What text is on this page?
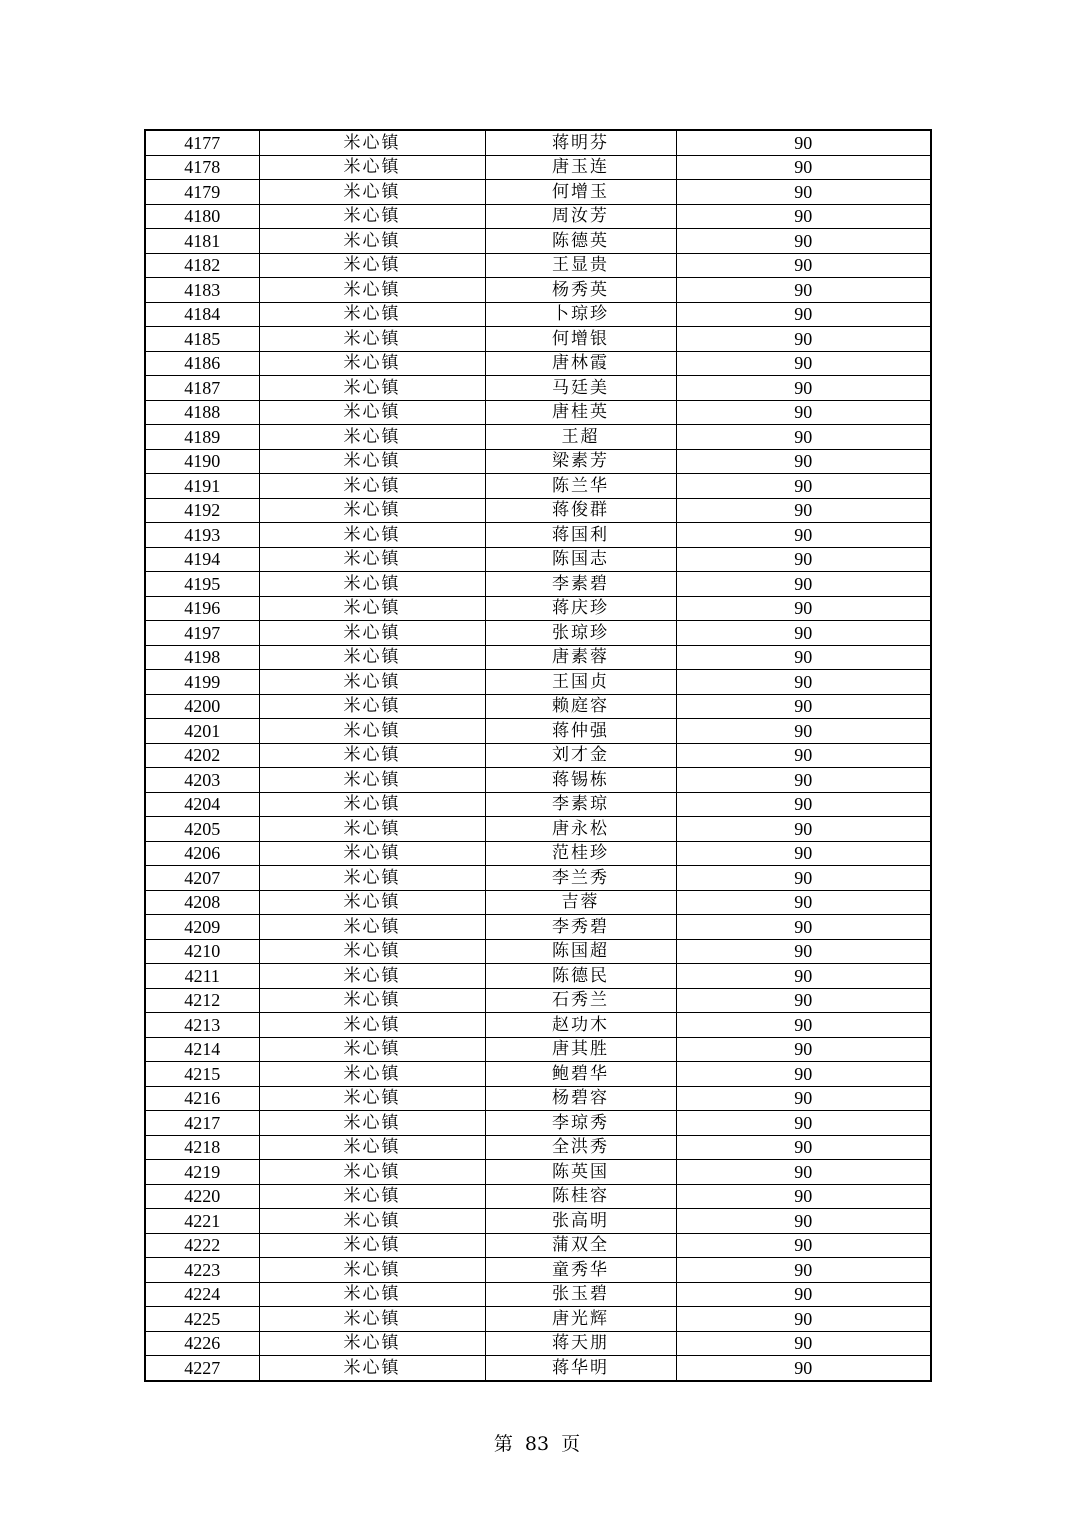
4177	米心镇	蒋明芬	90
4178	米心镇	唐玉连	90
4179	米心镇	何增玉	90
4180	米心镇	周汝芳	90
4181	米心镇	陈德英	90
4182	米心镇	王显贵	90
4183	米心镇	杨秀英	90
4184	米心镇	卜琼珍	90
4185	米心镇	何增银	90
4186	米心镇	唐林霞	90
4187	米心镇	马廷美	90
4188	米心镇	唐桂英	90
4189	米心镇	王超	90
4190	米心镇	梁素芳	90
4191	米心镇	陈兰华	90
4192	米心镇	蒋俊群	90
4193	米心镇	蒋国利	90
4194	米心镇	陈国志	90
4195	米心镇	李素碧	90
4196	米心镇	蒋庆珍	90
4197	米心镇	张琼珍	90
4198	米心镇	唐素蓉	90
4199	米心镇	王国贞	90
4200	米心镇	赖庭容	90
4201	米心镇	蒋仲强	90
4202	米心镇	刘才金	90
4203	米心镇	蒋锡栋	90
4204	米心镇	李素琼	90
4205	米心镇	唐永松	90
4206	米心镇	范桂珍	90
4207	米心镇	李兰秀	90
4208	米心镇	吉蓉	90
4209	米心镇	李秀碧	90
4210	米心镇	陈国超	90
4211	米心镇	陈德民	90
4212	米心镇	石秀兰	90
4213	米心镇	赵功木	90
4214	米心镇	唐其胜	90
4215	米心镇	鲍碧华	90
4216	米心镇	杨碧容	90
4217	米心镇	李琼秀	90
4218	米心镇	全洪秀	90
4219	米心镇	陈英国	90
4220	米心镇	陈桂容	90
4221	米心镇	张高明	90
4222	米心镇	蒲双全	90
4223	米心镇	童秀华	90
4224	米心镇	张玉碧	90
4225	米心镇	唐光辉	90
4226	米心镇	蒋天朋	90
4227	米心镇	蒋华明	90
第 83 页
